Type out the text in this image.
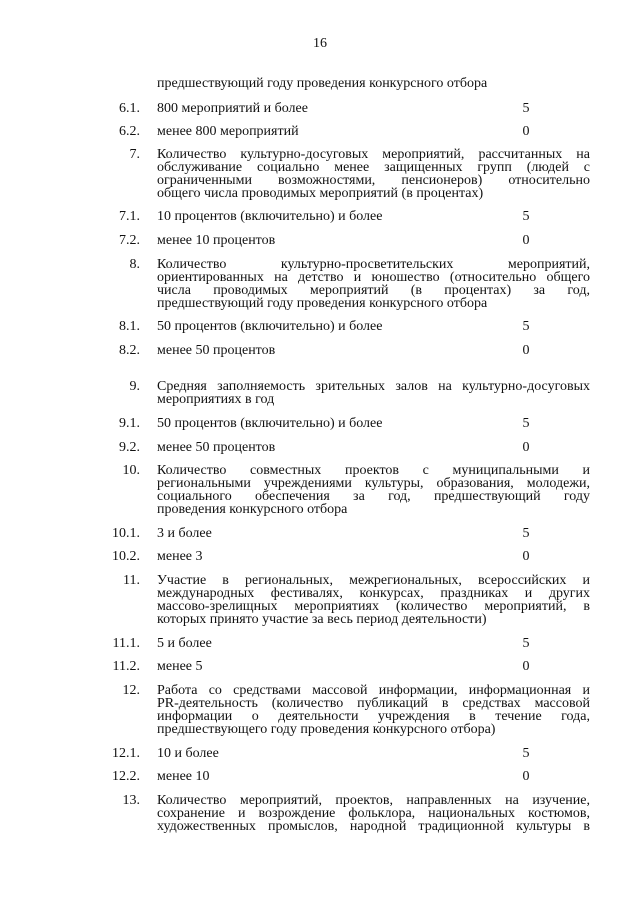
16
предшествующий году проведения конкурсного отбора
6.1. 800 мероприятий и более	5
6.2. менее 800 мероприятий	0
7. Количество культурно-досуговых мероприятий, рассчитанных на
обслуживание социально менее защищенных групп (людей с
ограниченными возможностями, пенсионеров) относительно
общего числа проводимых мероприятий (в процентах)
7.1. 10 процентов (включительно) и более	5
7.2. менее 10 процентов	0
8. Количество культурно-просветительских мероприятий,
ориентированных на детство и юношество (относительно общего
числа проводимых мероприятий (в процентах) за год,
предшествующий году проведения конкурсного отбора
8.1. 50 процентов (включительно) и более	5
8.2. менее 50 процентов	0
9. Средняя заполняемость зрительных залов на культурно-досуговых
мероприятиях в год
9.1. 50 процентов (включительно) и более	5
9.2. менее 50 процентов	0
10. Количество совместных проектов с муниципальными и
региональными учреждениями культуры, образования, молодежи,
социального обеспечения за год, предшествующий году
проведения конкурсного отбора
10.1. 3 и более	5
10.2. менее 3	0
11. Участие в региональных, межрегиональных, всероссийских и
международных фестивалях, конкурсах, праздниках и других
массово-зрелищных мероприятиях (количество мероприятий, в
которых принято участие за весь период деятельности)
11.1. 5 и более	5
11.2. менее 5	0
12. Работа со средствами массовой информации, информационная и
PR-деятельность (количество публикаций в средствах массовой
информации о деятельности учреждения в течение года,
предшествующего году проведения конкурсного отбора)
12.1. 10 и более	5
12.2. менее 10	0
13. Количество мероприятий, проектов, направленных на изучение,
сохранение и возрождение фольклора, национальных костюмов,
художественных промыслов, народной традиционной культуры в
